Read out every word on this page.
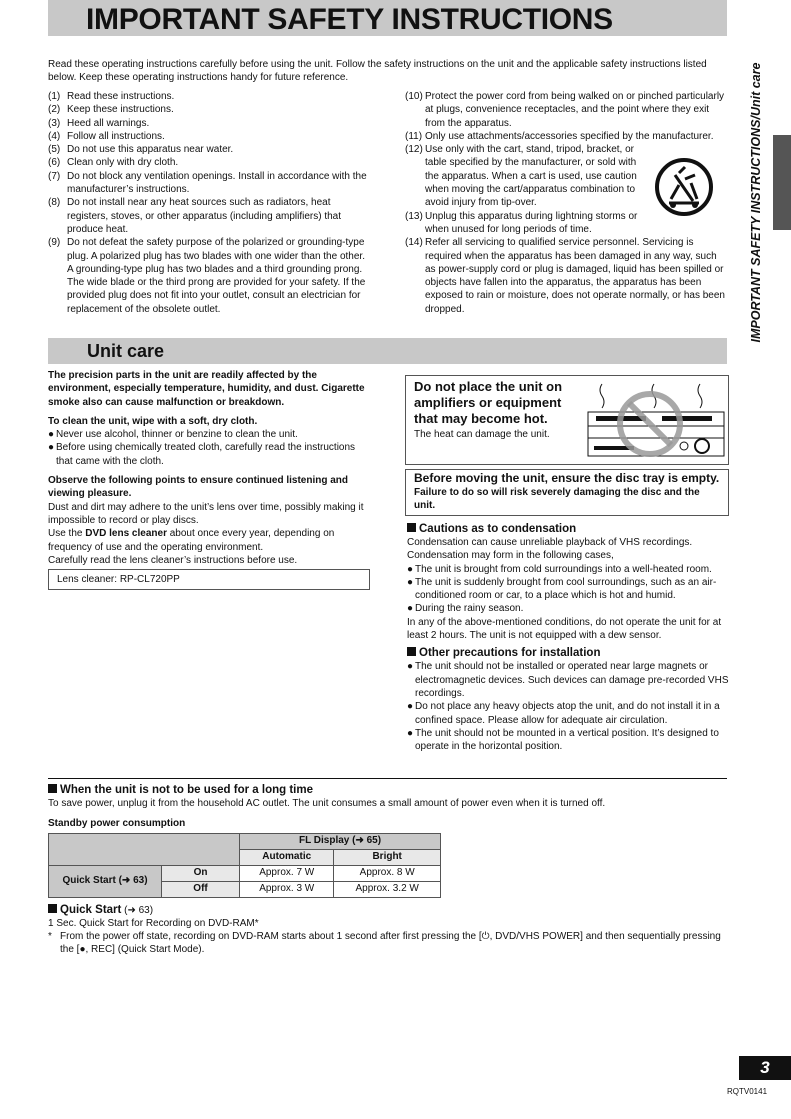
IMPORTANT SAFETY INSTRUCTIONS

Read these operating instructions carefully before using the unit. Follow the safety instructions on the unit and the applicable safety instructions listed below. Keep these operating instructions handy for future reference.

(1) Read these instructions.
(2) Keep these instructions.
(3) Heed all warnings.
(4) Follow all instructions.
(5) Do not use this apparatus near water.
(6) Clean only with dry cloth.
(7) Do not block any ventilation openings. Install in accordance with the manufacturer’s instructions.
(8) Do not install near any heat sources such as radiators, heat registers, stoves, or other apparatus (including amplifiers) that produce heat.
(9) Do not defeat the safety purpose of the polarized or grounding-type plug. A polarized plug has two blades with one wider than the other. A grounding-type plug has two blades and a third grounding prong. The wide blade or the third prong are provided for your safety. If the provided plug does not fit into your outlet, consult an electrician for replacement of the obsolete outlet.
(10) Protect the power cord from being walked on or pinched particularly at plugs, convenience receptacles, and the point where they exit from the apparatus.
(11) Only use attachments/accessories specified by the manufacturer.
(12) Use only with the cart, stand, tripod, bracket, or table specified by the manufacturer, or sold with the apparatus. When a cart is used, use caution when moving the cart/apparatus combination to avoid injury from tip-over.
(13) Unplug this apparatus during lightning storms or when unused for long periods of time.
(14) Refer all servicing to qualified service personnel. Servicing is required when the apparatus has been damaged in any way, such as power-supply cord or plug is damaged, liquid has been spilled or objects have fallen into the apparatus, the apparatus has been exposed to rain or moisture, does not operate normally, or has been dropped.
Unit care

The precision parts in the unit are readily affected by the environment, especially temperature, humidity, and dust. Cigarette smoke also can cause malfunction or breakdown.

To clean the unit, wipe with a soft, dry cloth.

● Never use alcohol, thinner or benzine to clean the unit.
● Before using chemically treated cloth, carefully read the instructions that came with the cloth.

Observe the following points to ensure continued listening and viewing pleasure.

Dust and dirt may adhere to the unit’s lens over time, possibly making it impossible to record or play discs.

Use the DVD lens cleaner about once every year, depending on frequency of use and the operating environment.

Carefully read the lens cleaner’s instructions before use.

Lens cleaner: RP-CL720PP

Do not place the unit on amplifiers or equipment that may become hot.

The heat can damage the unit.

Before moving the unit, ensure the disc tray is empty.

Failure to do so will risk severely damaging the disc and the unit.

Cautions as to condensation

Condensation can cause unreliable playback of VHS recordings.

Condensation may form in the following cases,

● The unit is brought from cold surroundings into a well-heated room.
● The unit is suddenly brought from cool surroundings, such as an air-conditioned room or car, to a place which is hot and humid.
● During the rainy season.

In any of the above-mentioned conditions, do not operate the unit for at least 2 hours. The unit is not equipped with a dew sensor.

Other precautions for installation

● The unit should not be installed or operated near large magnets or electromagnetic devices. Such devices can damage pre-recorded VHS recordings.
● Do not place any heavy objects atop the unit, and do not install it in a confined space. Please allow for adequate air circulation.
● The unit should not be mounted in a vertical position. It’s designed to operate in the horizontal position.

When the unit is not to be used for a long time

To save power, unplug it from the household AC outlet. The unit consumes a small amount of power even when it is turned off.

Standby power consumption

		FL Display (➜ 65)	
		Automatic	Bright
Quick Start (➜ 63)	On	Approx. 7 W	Approx. 8 W
	Off	Approx. 3 W	Approx. 3.2 W

Quick Start (➜ 63)

1 Sec. Quick Start for Recording on DVD-RAM*

* From the power off state, recording on DVD-RAM starts about 1 second after first pressing the [⏻, DVD/VHS POWER] and then sequentially pressing the [●, REC] (Quick Start Mode).

IMPORTANT SAFETY INSTRUCTIONS/Unit care
3
RQTV0141
